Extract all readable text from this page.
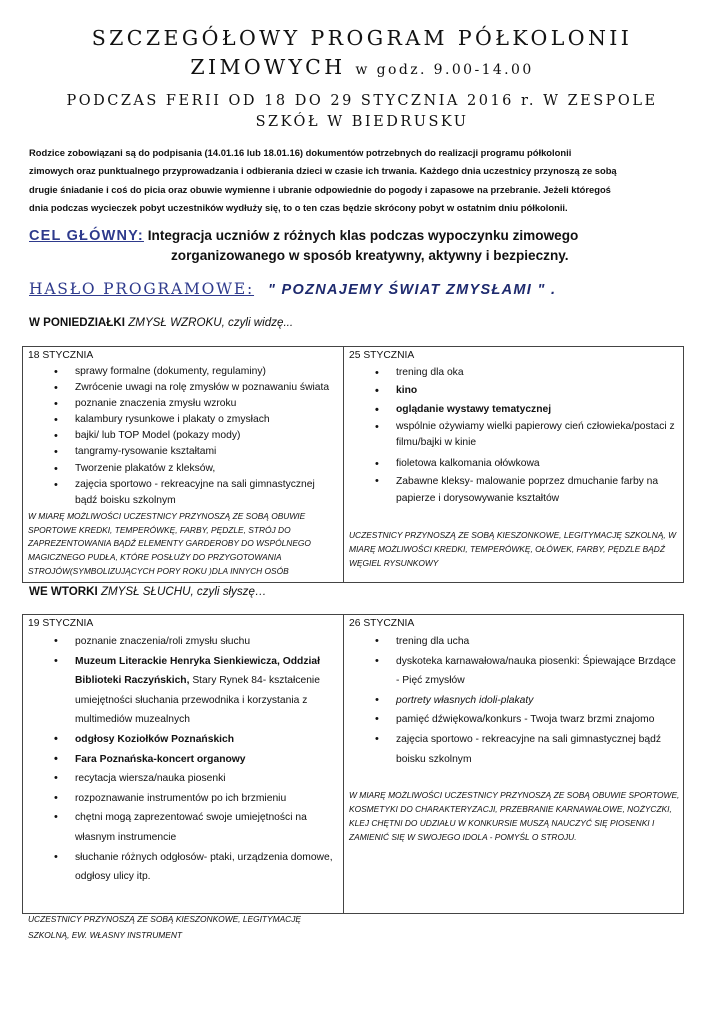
SZCZEGÓŁOWY PROGRAM PÓŁKOLONII
ZIMOWYCH w godz. 9.00-14.00
PODCZAS FERII OD 18 DO 29 STYCZNIA 2016 r. W ZESPOLE
SZKÓŁ W BIEDRUSKU
Rodzice zobowiązani są do podpisania (14.01.16 lub 18.01.16) dokumentów potrzebnych do realizacji programu półkolonii
zimowych oraz punktualnego przyprowadzania i odbierania dzieci w czasie ich trwania. Każdego dnia uczestnicy przynoszą ze sobą
drugie śniadanie i coś do picia oraz obuwie wymienne i ubranie odpowiednie do pogody i zapasowe na przebranie. Jeżeli któregoś
dnia podczas wycieczek pobyt uczestników wydłuży się, to o ten czas będzie skrócony pobyt w ostatnim dniu półkolonii.
CEL GŁÓWNY: Integracja uczniów z różnych klas podczas wypoczynku zimowego
zorganizowanego w sposób kreatywny, aktywny i bezpieczny.
HASŁO PROGRAMOWE: " POZNAJEMY ŚWIAT ZMYSŁAMI " .
W PONIEDZIAŁKI ZMYSŁ WZROKU, czyli widzę...
18 STYCZNIA
• sprawy formalne (dokumenty, regulaminy)
• Zwrócenie uwagi na rolę zmysłów w poznawaniu świata
• poznanie znaczenia zmysłu wzroku
• kalambury rysunkowe i plakaty o zmysłach
• bajki/ lub TOP Model (pokazy mody)
• tangramy-rysowanie kształtami
• Tworzenie plakatów z kleksów,
• zajęcia sportowo - rekreacyjne na sali gimnastycznej bądź boisku szkolnym
W MIARĘ MOŻLIWOŚCI UCZESTNICY PRZYNOSZĄ ZE SOBĄ OBUWIE SPORTOWE KREDKI, TEMPERÓWKĘ, FARBY, PĘDZLE, STRÓJ DO ZAPREZENTOWANIA BĄDŹ ELEMENTY GARDEROBY DO WSPÓLNEGO MAGICZNEGO PUDŁA, KTÓRE POSŁUŻY DO PRZYGOTOWANIA STROJÓW(SYMBOLIZUJĄCYCH PORY ROKU )DLA INNYCH OSÓB
25 STYCZNIA
• trening dla oka
• kino
• oglądanie wystawy tematycznej
• wspólnie ożywiamy wielki papierowy cień człowieka/postaci z filmu/bajki w kinie
• fioletowa kalkomania ołówkowa
• Zabawne kleksy- malowanie poprzez dmuchanie farby na papierze i dorysowywanie kształtów
UCZESTNICY PRZYNOSZĄ ZE SOBĄ KIESZONKOWE, LEGITYMACJĘ SZKOLNĄ, W MIARĘ MOŻLIWOŚCI KREDKI, TEMPERÓWKĘ, OŁÓWEK, FARBY, PĘDZLE BĄDŹ WĘGIEL RYSUNKOWY
WE WTORKI ZMYSŁ SŁUCHU, czyli słyszę…
19 STYCZNIA
• poznanie znaczenia/roli zmysłu słuchu
• Muzeum Literackie Henryka Sienkiewicza, Oddział Biblioteki Raczyńskich, Stary Rynek 84- kształcenie umiejętności słuchania przewodnika i korzystania z multimediów muzealnych
• odgłosy Koziołków Poznańskich
• Fara Poznańska-koncert organowy
• recytacja wiersza/nauka piosenki
• rozpoznawanie instrumentów po ich brzmieniu
• chętni mogą zaprezentować swoje umiejętności na własnym instrumencie
• słuchanie różnych odgłosów- ptaki, urządzenia domowe, odgłosy ulicy itp.
UCZESTNICY PRZYNOSZĄ ZE SOBĄ KIESZONKOWE, LEGITYMACJĘ SZKOLNĄ, EW. WŁASNY INSTRUMENT
26 STYCZNIA
• trening dla ucha
• dyskoteka karnawałowa/nauka piosenki: Śpiewające Brzdące - Pięć zmysłów
• portrety własnych idoli-plakaty
• pamięć dźwiękowa/konkurs - Twoja twarz brzmi znajomo
• zajęcia sportowo - rekreacyjne na sali gimnastycznej bądź boisku szkolnym
W MIARĘ MOŻLIWOŚCI UCZESTNICY PRZYNOSZĄ ZE SOBĄ OBUWIE SPORTOWE, KOSMETYKI DO CHARAKTERYZACJI, PRZEBRANIE KARNAWAŁOWE, NOŻYCZKI, KLEJ CHĘTNI DO UDZIAŁU W KONKURSIE MUSZĄ NAUCZYĆ SIĘ PIOSENKI I ZAMIENIĆ SIĘ W SWOJEGO IDOLA - POMYŚL O STROJU.
